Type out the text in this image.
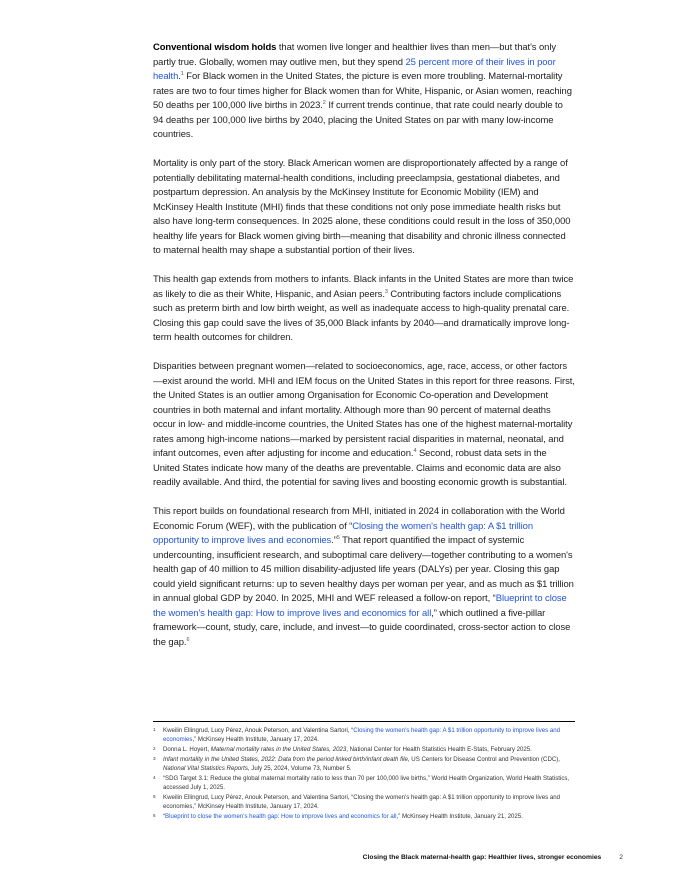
Conventional wisdom holds that women live longer and healthier lives than men—but that's only partly true. Globally, women may outlive men, but they spend 25 percent more of their lives in poor health.$^1$ For Black women in the United States, the picture is even more troubling. Maternal-mortality rates are two to four times higher for Black women than for White, Hispanic, or Asian women, reaching 50 deaths per 100,000 live births in 2023.$^2$ If current trends continue, that rate could nearly double to 94 deaths per 100,000 live births by 2040, placing the United States on par with many low-income countries.

Mortality is only part of the story. Black American women are disproportionately affected by a range of potentially debilitating maternal-health conditions, including preeclampsia, gestational diabetes, and postpartum depression. An analysis by the McKinsey Institute for Economic Mobility (IEM) and McKinsey Health Institute (MHI) finds that these conditions not only pose immediate health risks but also have long-term consequences. In 2025 alone, these conditions could result in the loss of 350,000 healthy life years for Black women giving birth—meaning that disability and chronic illness connected to maternal health may shape a substantial portion of their lives.

This health gap extends from mothers to infants. Black infants in the United States are more than twice as likely to die as their White, Hispanic, and Asian peers.$^3$ Contributing factors include complications such as preterm birth and low birth weight, as well as inadequate access to high-quality prenatal care. Closing this gap could save the lives of 35,000 Black infants by 2040—and dramatically improve long-term health outcomes for children.

Disparities between pregnant women—related to socioeconomics, age, race, access, or other factors—exist around the world. MHI and IEM focus on the United States in this report for three reasons. First, the United States is an outlier among Organisation for Economic Co-operation and Development countries in both maternal and infant mortality. Although more than 90 percent of maternal deaths occur in low- and middle-income countries, the United States has one of the highest maternal-mortality rates among high-income nations—marked by persistent racial disparities in maternal, neonatal, and infant outcomes, even after adjusting for income and education.$^4$ Second, robust data sets in the United States indicate how many of the deaths are preventable. Claims and economic data are also readily available. And third, the potential for saving lives and boosting economic growth is substantial.

This report builds on foundational research from MHI, initiated in 2024 in collaboration with the World Economic Forum (WEF), with the publication of “Closing the women's health gap: A $1 trillion opportunity to improve lives and economies.”$^5$ That report quantified the impact of systemic undercounting, insufficient research, and suboptimal care delivery—together contributing to a women's health gap of 40 million to 45 million disability-adjusted life years (DALYs) per year. Closing this gap could yield significant returns: up to seven healthy days per woman per year, and as much as $1 trillion in annual global GDP by 2040. In 2025, MHI and WEF released a follow-on report, “Blueprint to close the women's health gap: How to improve lives and economics for all,” which outlined a five-pillar framework—count, study, care, include, and invest—to guide coordinated, cross-sector action to close the gap.$^6$

1 Kweilin Ellingrud, Lucy Pérez, Anouk Peterson, and Valentina Sartori, “Closing the women's health gap: A $1 trillion opportunity to improve lives and economies,” McKinsey Health Institute, January 17, 2024.
2 Donna L. Hoyert, Maternal mortality rates in the United States, 2023, National Center for Health Statistics Health E-Stats, February 2025.
3 Infant mortality in the United States, 2022: Data from the period linked birth/infant death file, US Centers for Disease Control and Prevention (CDC), National Vital Statistics Reports, July 25, 2024, Volume 73, Number 5.
4 “SDG Target 3.1: Reduce the global maternal mortality ratio to less than 70 per 100,000 live births,” World Health Organization, World Health Statistics, accessed July 1, 2025.
5 Kweilin Ellingrud, Lucy Pérez, Anouk Peterson, and Valentina Sartori, “Closing the women's health gap: A $1 trillion opportunity to improve lives and economies,” McKinsey Health Institute, January 17, 2024.
6 “Blueprint to close the women's health gap: How to improve lives and economics for all,” McKinsey Health Institute, January 21, 2025.
Closing the Black maternal-health gap: Healthier lives, stronger economies	2
